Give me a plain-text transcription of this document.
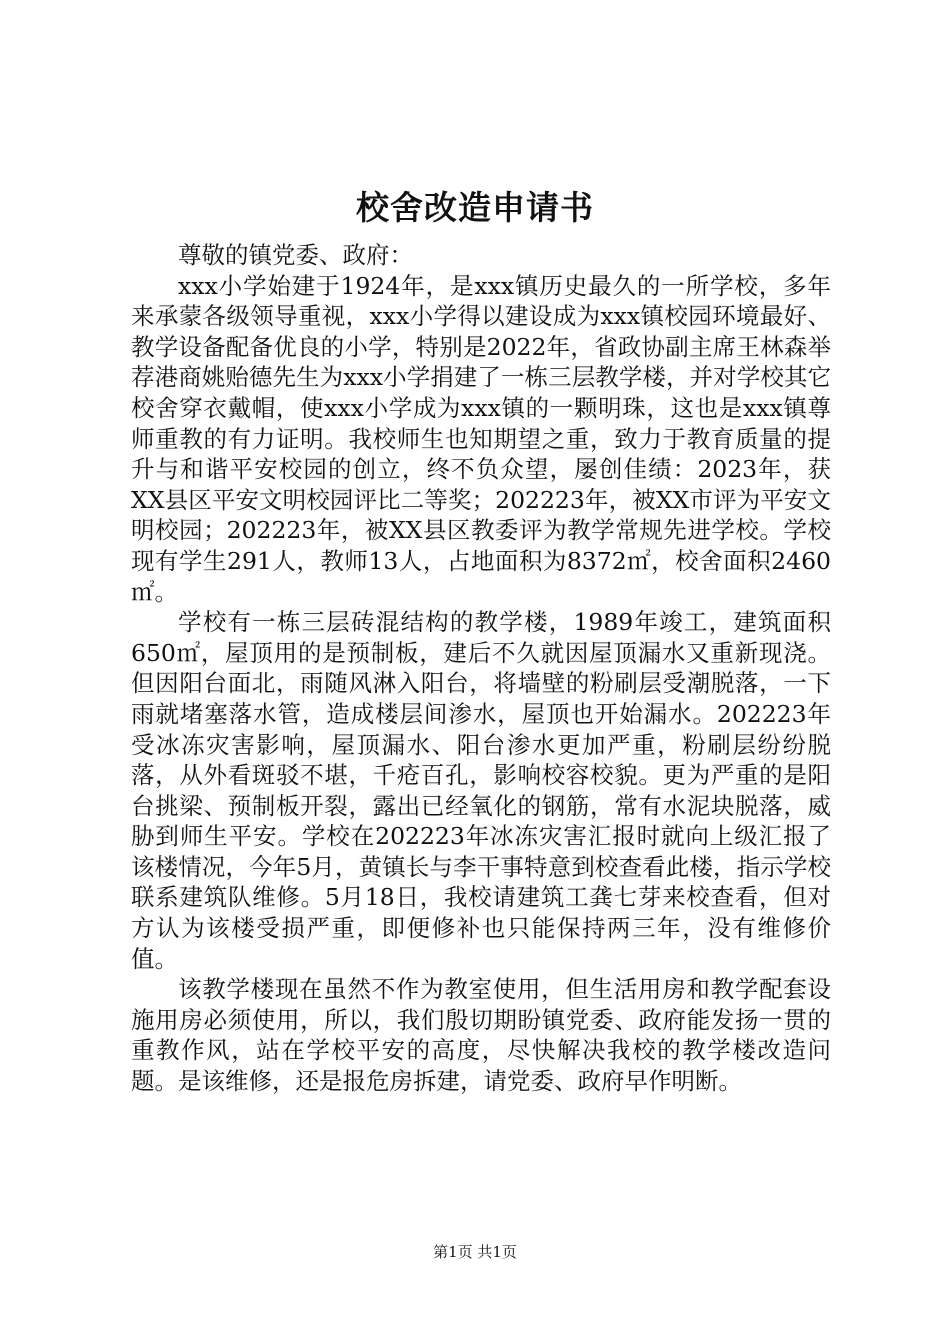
校舍改造申请书

尊敬的镇党委、政府：

xxx小学始建于1924年，是xxx镇历史最久的一所学校，多年来承蒙各级领导重视，xxx小学得以建设成为xxx镇校园环境最好、教学设备配备优良的小学，特别是2022年，省政协副主席王林森举荐港商姚贻德先生为xxx小学捐建了一栋三层教学楼，并对学校其它校舍穿衣戴帽，使xxx小学成为xxx镇的一颗明珠，这也是xxx镇尊师重教的有力证明。我校师生也知期望之重，致力于教育质量的提升与和谐平安校园的创立，终不负众望，屡创佳绩：2023年，获XX县区平安文明校园评比二等奖；202223年，被XX市评为平安文明校园；202223年，被XX县区教委评为教学常规先进学校。学校现有学生291人，教师13人，占地面积为8372㎡，校舍面积2460㎡。

学校有一栋三层砖混结构的教学楼，1989年竣工，建筑面积650㎡，屋顶用的是预制板，建后不久就因屋顶漏水又重新现浇。但因阳台面北，雨随风淋入阳台，将墙壁的粉刷层受潮脱落，一下雨就堵塞落水管，造成楼层间渗水，屋顶也开始漏水。202223年受冰冻灾害影响，屋顶漏水、阳台渗水更加严重，粉刷层纷纷脱落，从外看斑驳不堪，千疮百孔，影响校容校貌。更为严重的是阳台挑梁、预制板开裂，露出已经氧化的钢筋，常有水泥块脱落，威胁到师生平安。学校在202223年冰冻灾害汇报时就向上级汇报了该楼情况，今年5月，黄镇长与李干事特意到校查看此楼，指示学校联系建筑队维修。5月18日，我校请建筑工龚七芽来校查看，但对方认为该楼受损严重，即便修补也只能保持两三年，没有维修价值。

该教学楼现在虽然不作为教室使用，但生活用房和教学配套设施用房必须使用，所以，我们殷切期盼镇党委、政府能发扬一贯的重教作风，站在学校平安的高度，尽快解决我校的教学楼改造问题。是该维修，还是报危房拆建，请党委、政府早作明断。

第1页 共1页
